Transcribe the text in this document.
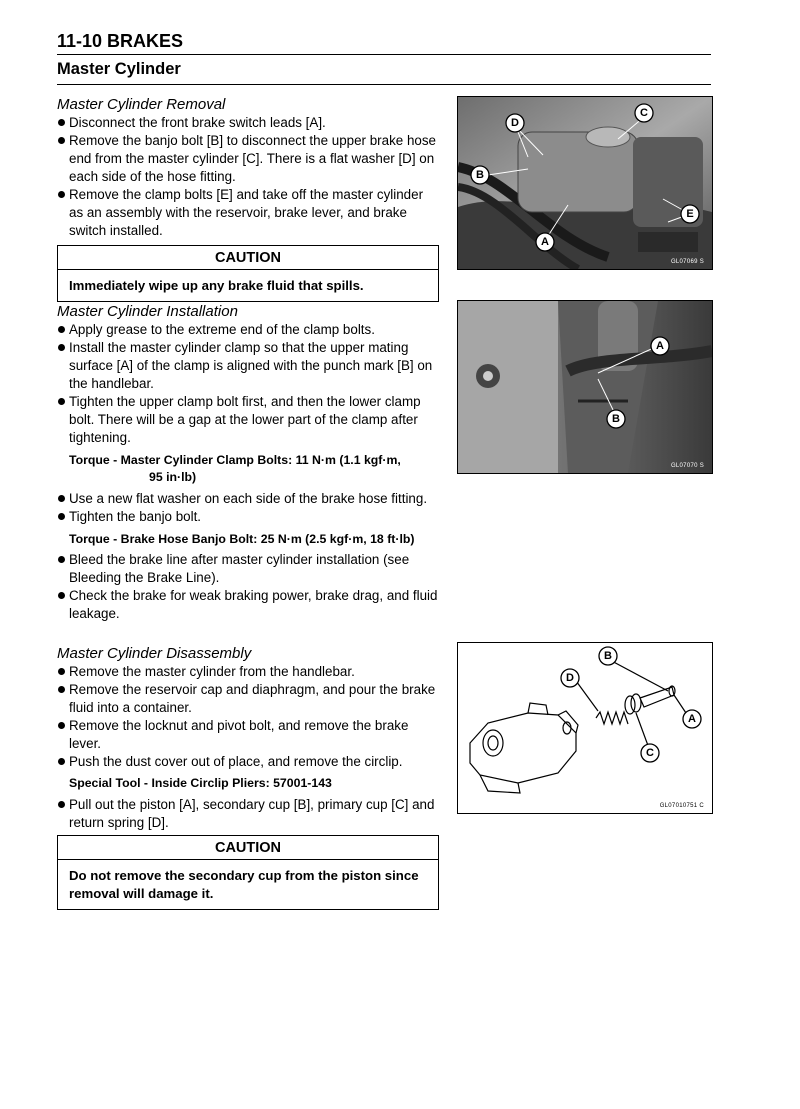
11-10 BRAKES
Master Cylinder

Master Cylinder Removal

Disconnect the front brake switch leads [A].
Remove the banjo bolt [B] to disconnect the upper brake hose end from the master cylinder [C]. There is a flat washer [D] on each side of the hose fitting.
Remove the clamp bolts [E] and take off the master cylinder as an assembly with the reservoir, brake lever, and brake switch installed.
CAUTION
Immediately wipe up any brake fluid that spills.

Master Cylinder Installation

Apply grease to the extreme end of the clamp bolts.
Install the master cylinder clamp so that the upper mating surface [A] of the clamp is aligned with the punch mark [B] on the handlebar.
Tighten the upper clamp bolt first, and then the lower clamp bolt. There will be a gap at the lower part of the clamp after tightening.
Torque - Master Cylinder Clamp Bolts: 11 N·m (1.1 kgf·m,
95 in·lb)
Use a new flat washer on each side of the brake hose fitting.
Tighten the banjo bolt.
Torque - Brake Hose Banjo Bolt: 25 N·m (2.5 kgf·m, 18 ft·lb)
Bleed the brake line after master cylinder installation (see Bleeding the Brake Line).
Check the brake for weak braking power, brake drag, and fluid leakage.

Master Cylinder Disassembly

Remove the master cylinder from the handlebar.
Remove the reservoir cap and diaphragm, and pour the brake fluid into a container.
Remove the locknut and pivot bolt, and remove the brake lever.
Push the dust cover out of place, and remove the circlip.
Special Tool - Inside Circlip Pliers: 57001-143
Pull out the piston [A], secondary cup [B], primary cup [C] and return spring [D].
CAUTION
Do not remove the secondary cup from the piston since removal will damage it.
C
D
B
E
A
GL07069 S
A
B
GL07070 S
B
D
A
C
GL07010751 C
